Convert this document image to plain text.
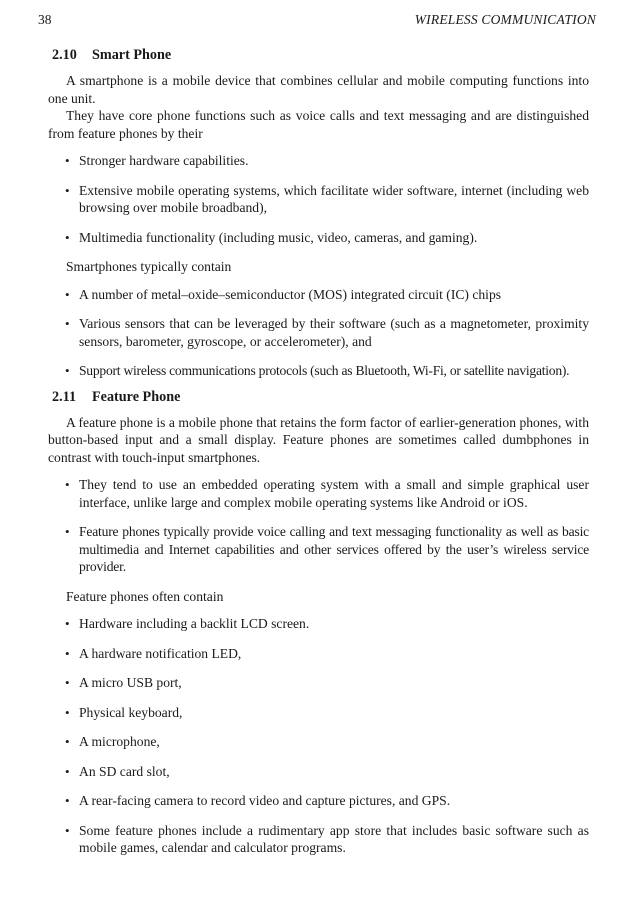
38	WIRELESS COMMUNICATION
2.10 Smart Phone

A smartphone is a mobile device that combines cellular and mobile computing functions into one unit.

They have core phone functions such as voice calls and text messaging and are distinguished from feature phones by their

• Stronger hardware capabilities.
• Extensive mobile operating systems, which facilitate wider software, internet (including web browsing over mobile broadband),
• Multimedia functionality (including music, video, cameras, and gaming).

Smartphones typically contain

• A number of metal–oxide–semiconductor (MOS) integrated circuit (IC) chips
• Various sensors that can be leveraged by their software (such as a magnetometer, proximity sensors, barometer, gyroscope, or accelerometer), and
• Support wireless communications protocols (such as Bluetooth, Wi-Fi, or satellite navigation).
2.11 Feature Phone

A feature phone is a mobile phone that retains the form factor of earlier-generation phones, with button-based input and a small display. Feature phones are sometimes called dumbphones in contrast with touch-input smartphones.

• They tend to use an embedded operating system with a small and simple graphical user interface, unlike large and complex mobile operating systems like Android or iOS.
• Feature phones typically provide voice calling and text messaging functionality as well as basic multimedia and Internet capabilities and other services offered by the user’s wireless service provider.

Feature phones often contain

• Hardware including a backlit LCD screen.
• A hardware notification LED,
• A micro USB port,
• Physical keyboard,
• A microphone,
• An SD card slot,
• A rear-facing camera to record video and capture pictures, and GPS.
• Some feature phones include a rudimentary app store that includes basic software such as mobile games, calendar and calculator programs.
